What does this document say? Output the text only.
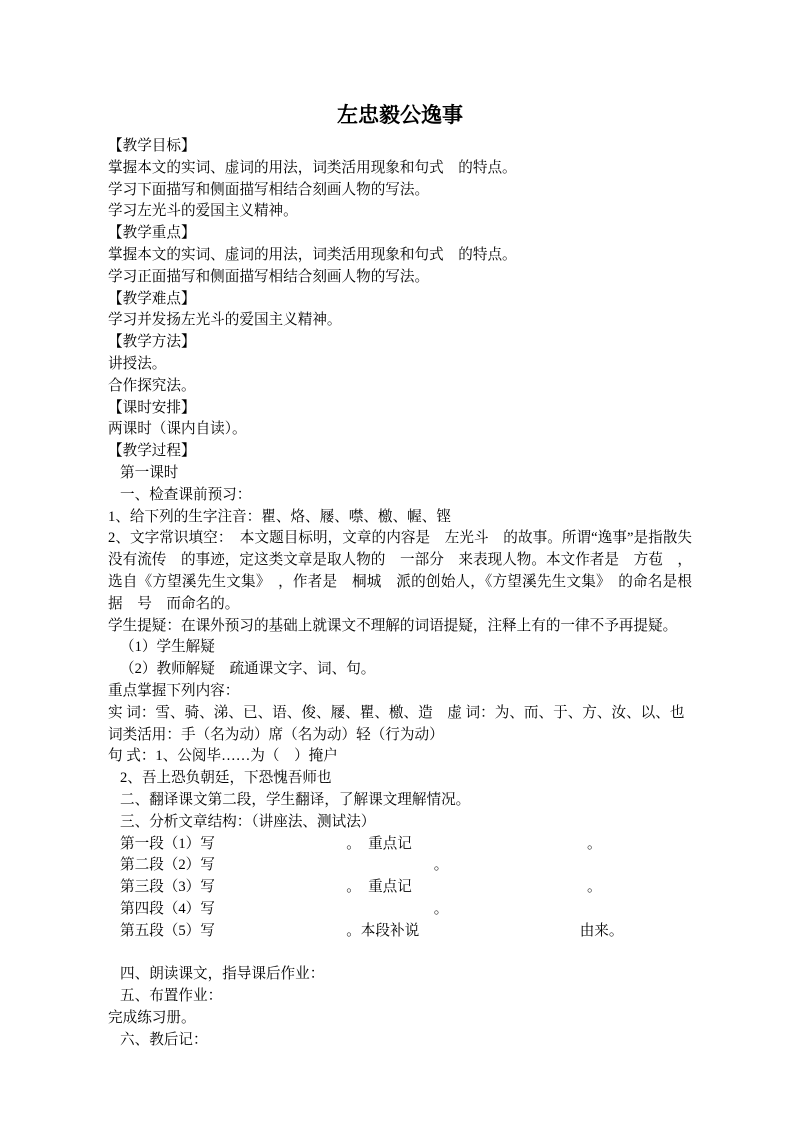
左忠毅公逸事

【教学目标】

掌握本文的实词、虚词的用法，词类活用现象和句式　的特点。

学习下面描写和侧面描写相结合刻画人物的写法。

学习左光斗的爱国主义精神。

【教学重点】

掌握本文的实词、虚词的用法，词类活用现象和句式　的特点。

学习正面描写和侧面描写相结合刻画人物的写法。

【教学难点】

学习并发扬左光斗的爱国主义精神。

【教学方法】

讲授法。

合作探究法。

【课时安排】

两课时（课内自读）。

【教学过程】

第一课时

一、检查课前预习：

1、给下列的生字注音：瞿、烙、屦、噤、檄、幄、铿

2、文字常识填空：　本文题目标明，文章的内容是　左光斗　的故事。所谓“逸事”是指散失没有流传　的事迹，定这类文章是取人物的　一部分　来表现人物。本文作者是　方苞　，选自《方望溪先生文集》　，作者是　桐城　派的创始人，《方望溪先生文集》　的命名是根据　号　而命名的。

学生提疑：在课外预习的基础上就课文不理解的词语提疑，注释上有的一律不予再提疑。

（1）学生解疑

（2）教师解疑　疏通课文字、词、句。

重点掌握下列内容：

实 词：雪、骑、涕、已、语、俊、屦、瞿、檄、造　虚 词：为、而、于、方、汝、以、也

词类活用：手（名为动）席（名为动）轻（行为动）

句 式：1、公阅毕……为（　）掩户

2、吾上恐负朝廷，下恐愧吾师也

二、翻译课文第二段，学生翻译，了解课文理解情况。

三、分析文章结构：（讲座法、测试法）

第一段（1）写　　　　　　　　　。　重点记　　　　　　　　　　　　。

第二段（2）写　　　　　　　　　　　　　　　。

第三段（3）写　　　　　　　　　。　重点记　　　　　　　　　　　　。

第四段（4）写　　　　　　　　　　　　　　　。

第五段（5）写　　　　　　　　　。本段补说　　　　　　　　　　　由来。

四、朗读课文，指导课后作业：

五、布置作业：

完成练习册。

六、教后记：
